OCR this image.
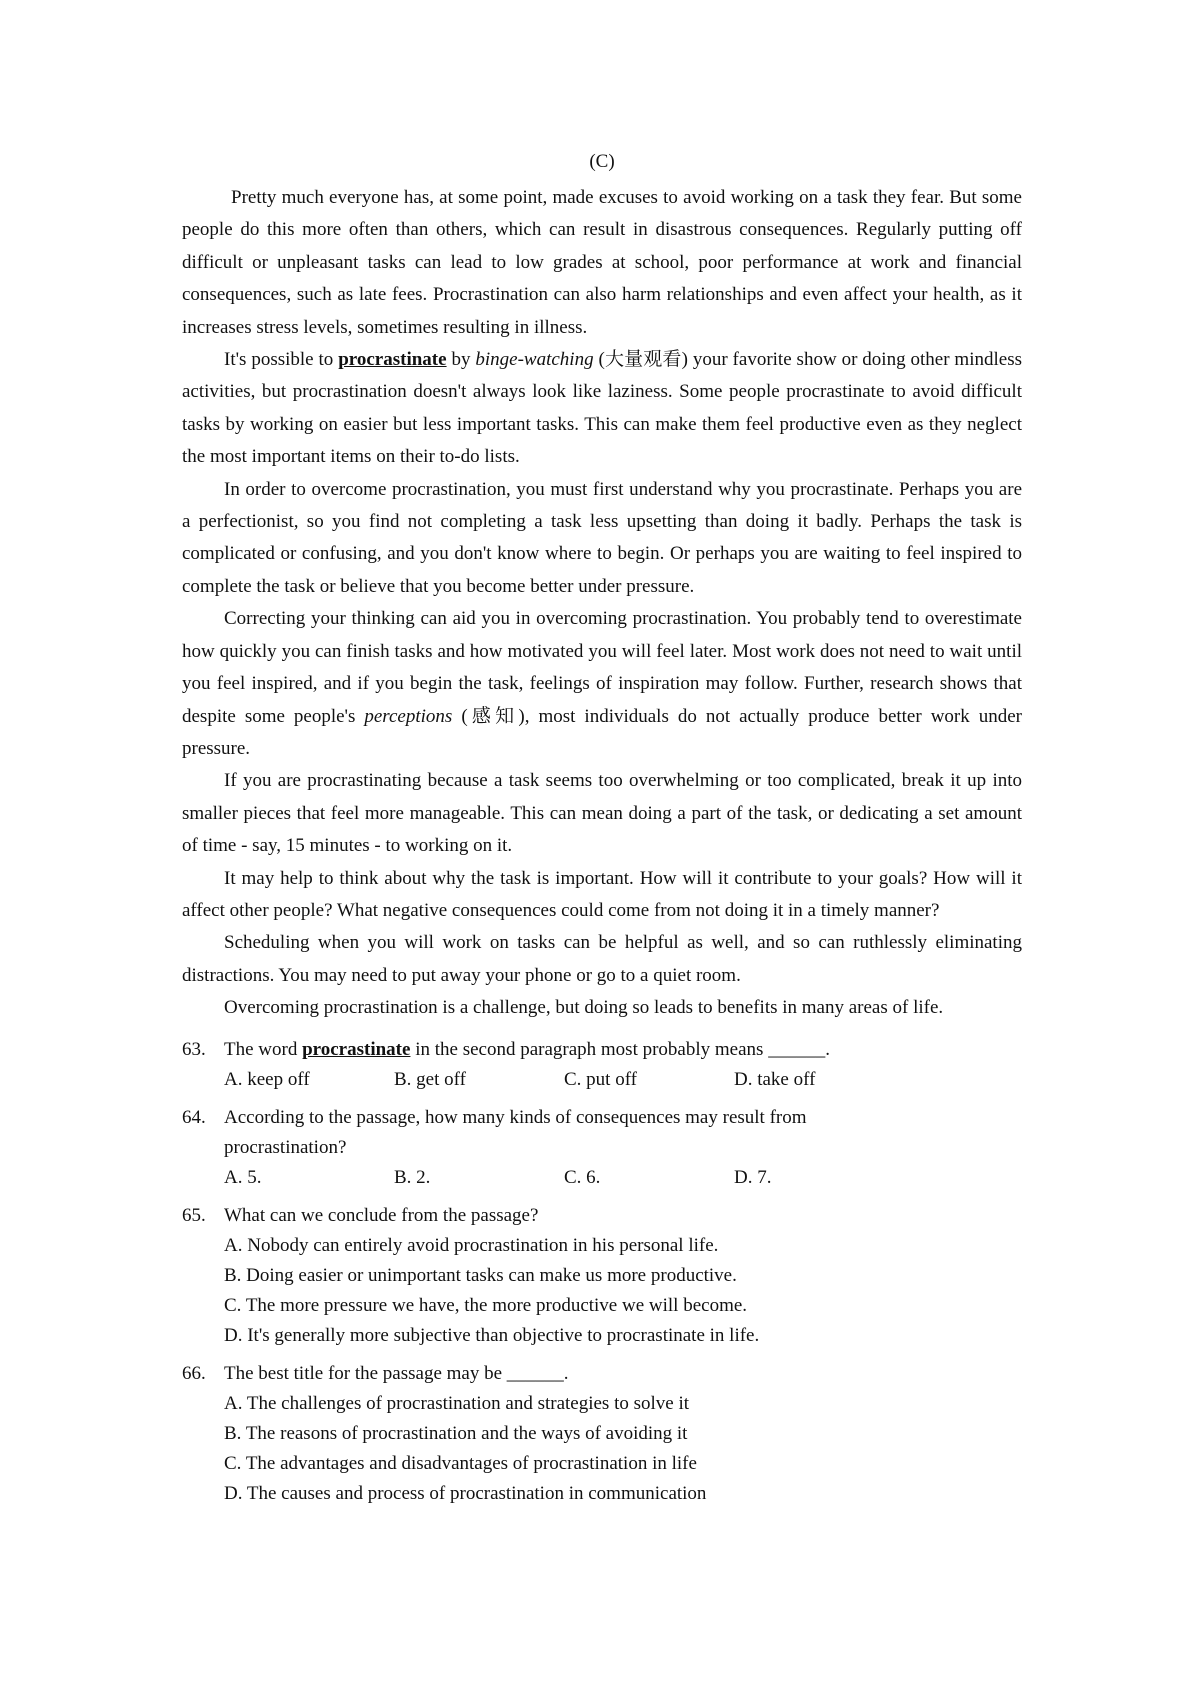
(C)

Pretty much everyone has, at some point, made excuses to avoid working on a task they fear. But some people do this more often than others, which can result in disastrous consequences. Regularly putting off difficult or unpleasant tasks can lead to low grades at school, poor performance at work and financial consequences, such as late fees. Procrastination can also harm relationships and even affect your health, as it increases stress levels, sometimes resulting in illness.

It's possible to procrastinate by binge-watching (大量观看) your favorite show or doing other mindless activities, but procrastination doesn't always look like laziness. Some people procrastinate to avoid difficult tasks by working on easier but less important tasks. This can make them feel productive even as they neglect the most important items on their to-do lists.

In order to overcome procrastination, you must first understand why you procrastinate. Perhaps you are a perfectionist, so you find not completing a task less upsetting than doing it badly. Perhaps the task is complicated or confusing, and you don't know where to begin. Or perhaps you are waiting to feel inspired to complete the task or believe that you become better under pressure.

Correcting your thinking can aid you in overcoming procrastination. You probably tend to overestimate how quickly you can finish tasks and how motivated you will feel later. Most work does not need to wait until you feel inspired, and if you begin the task, feelings of inspiration may follow. Further, research shows that despite some people's perceptions (感知), most individuals do not actually produce better work under pressure.

If you are procrastinating because a task seems too overwhelming or too complicated, break it up into smaller pieces that feel more manageable. This can mean doing a part of the task, or dedicating a set amount of time - say, 15 minutes - to working on it.

It may help to think about why the task is important. How will it contribute to your goals? How will it affect other people? What negative consequences could come from not doing it in a timely manner?

Scheduling when you will work on tasks can be helpful as well, and so can ruthlessly eliminating distractions. You may need to put away your phone or go to a quiet room.

Overcoming procrastination is a challenge, but doing so leads to benefits in many areas of life.

63. The word procrastinate in the second paragraph most probably means ______.
A. keep off	B. get off	C. put off	D. take off
64. According to the passage, how many kinds of consequences may result from procrastination?
A. 5.	B. 2.	C. 6.	D. 7.
65. What can we conclude from the passage?
A. Nobody can entirely avoid procrastination in his personal life.
B. Doing easier or unimportant tasks can make us more productive.
C. The more pressure we have, the more productive we will become.
D. It's generally more subjective than objective to procrastinate in life.
66. The best title for the passage may be ______.
A. The challenges of procrastination and strategies to solve it
B. The reasons of procrastination and the ways of avoiding it
C. The advantages and disadvantages of procrastination in life
D. The causes and process of procrastination in communication
